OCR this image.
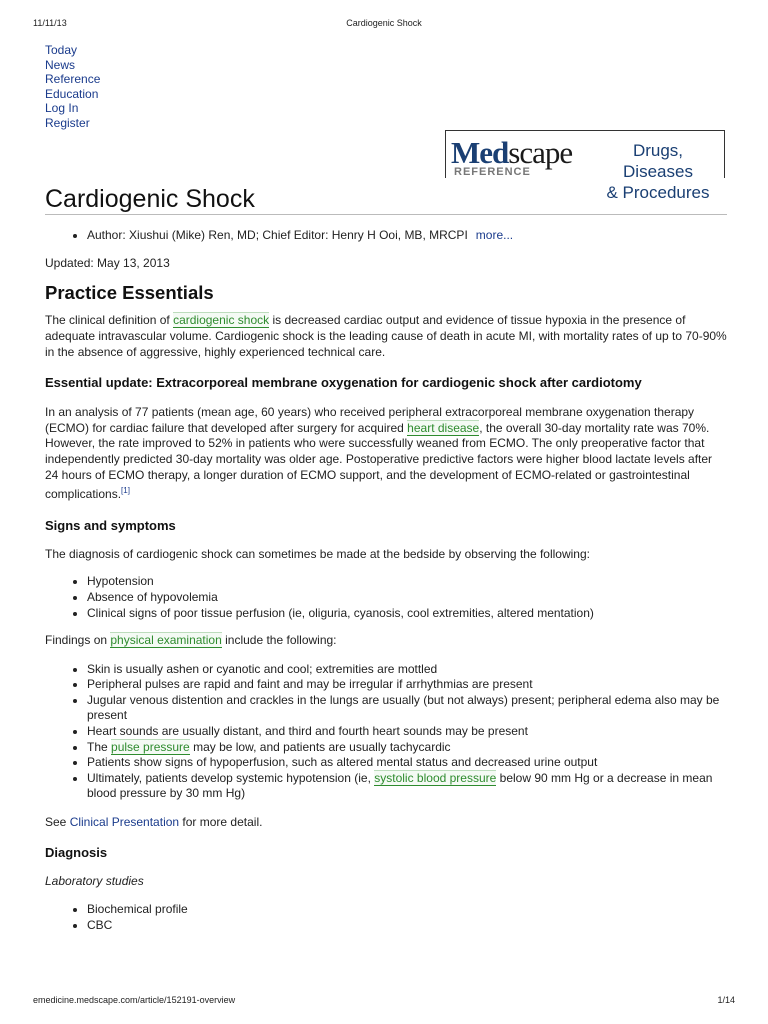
11/11/13	Cardiogenic Shock
Today
News
Reference
Education
Log In
Register
Medscape
REFERENCE
Drugs, Diseases
& Procedures
Cardiogenic Shock
• Author: Xiushui (Mike) Ren, MD; Chief Editor: Henry H Ooi, MB, MRCPI more...

Updated: May 13, 2013

Practice Essentials

The clinical definition of cardiogenic shock is decreased cardiac output and evidence of tissue hypoxia in the presence of adequate intravascular volume. Cardiogenic shock is the leading cause of death in acute MI, with mortality rates of up to 70-90% in the absence of aggressive, highly experienced technical care.

Essential update: Extracorporeal membrane oxygenation for cardiogenic shock after cardiotomy

In an analysis of 77 patients (mean age, 60 years) who received peripheral extracorporeal membrane oxygenation therapy (ECMO) for cardiac failure that developed after surgery for acquired heart disease, the overall 30-day mortality rate was 70%. However, the rate improved to 52% in patients who were successfully weaned from ECMO. The only preoperative factor that independently predicted 30-day mortality was older age. Postoperative predictive factors were higher blood lactate levels after 24 hours of ECMO therapy, a longer duration of ECMO support, and the development of ECMO-related or gastrointestinal complications.[1]

Signs and symptoms

The diagnosis of cardiogenic shock can sometimes be made at the bedside by observing the following:

• Hypotension
• Absence of hypovolemia
• Clinical signs of poor tissue perfusion (ie, oliguria, cyanosis, cool extremities, altered mentation)

Findings on physical examination include the following:

• Skin is usually ashen or cyanotic and cool; extremities are mottled
• Peripheral pulses are rapid and faint and may be irregular if arrhythmias are present
• Jugular venous distention and crackles in the lungs are usually (but not always) present; peripheral edema also may be present
• Heart sounds are usually distant, and third and fourth heart sounds may be present
• The pulse pressure may be low, and patients are usually tachycardic
• Patients show signs of hypoperfusion, such as altered mental status and decreased urine output
• Ultimately, patients develop systemic hypotension (ie, systolic blood pressure below 90 mm Hg or a decrease in mean blood pressure by 30 mm Hg)

See Clinical Presentation for more detail.

Diagnosis

Laboratory studies

• Biochemical profile
• CBC
emedicine.medscape.com/article/152191-overview	1/14
